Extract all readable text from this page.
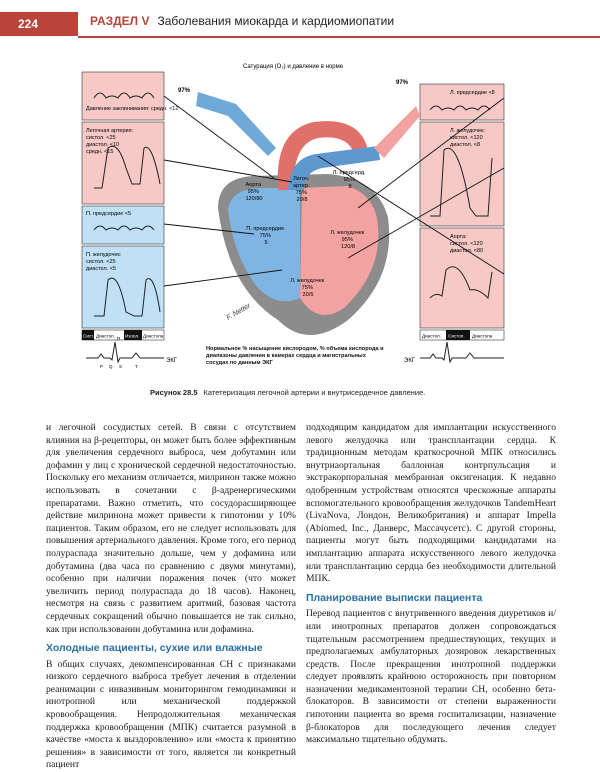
224	РАЗДЕЛ V Заболевания миокарда и кардиомиопатии
Сатурация (O₂) и давление в норме
Давление заклинивания: средн. <12
Легочная артерия: систол. <25 диастол. <10 средн. <15
П. предсердие <5
П. желудочек: систол. <25 диастол. <5
Сист. Диастол. Изоол. Диастола
ЭКГ
P Q R S	T
Л. предсердие <8
Л. желудочек: систол. <120 диастол. <8
Аорта: систол. <120 диастол. <80
Диастол. Систол. Диастола
ЭКГ
97%
97%
Аорта 95% 120/80
Легоч. артер. 75% 20/8
Л. предсерд. 95% 8
П. предсердие 75% 5
Л. желудочек 95% 120/8
Л. желудочек 75% 20/5
F. Netter
Нормальное % насыщение кислородом, % объема кислорода и диапазоны давления в камерах сердца и магистральных сосудах по данным ЭКГ
Рисунок 28.5 Катетеризация легочной артерии и внутрисердечное давление.

и легочной сосудистых сетей. В связи с отсутствием влияния на β-рецепторы, он может быть более эффективным для увеличения сердечного выброса, чем добутамин или дофамин у лиц с хронической сердечной недостаточностью. Поскольку его механизм отличается, милринон также можно использовать в сочетании с β-адренергическими препаратами. Важно отметить, что сосудорасширяющее действие милринона может привести к гипотонии у 10% пациентов. Таким образом, его не следует использовать для повышения артериального давления. Кроме того, его период полураспада значительно дольше, чем у дофамина или добутамина (два часа по сравнению с двумя минутами), особенно при наличии поражения почек (что может увеличить период полураспада до 18 часов). Наконец, несмотря на связь с развитием аритмий, базовая частота сердечных сокращений обычно повышается не так сильно, как при использовании добутамина или дофамина.

Холодные пациенты, сухие или влажные

В общих случаях, декомпенсированная СН с признаками низкого сердечного выброса требует лечения в отделении реанимации с инвазивным мониторингом гемодинамики и инотропной или механической поддержкой кровообращения. Непродолжительная механическая поддержка кровообращения (МПК) считается разумной в качестве «моста к выздоровлению» или «моста к принятию решения» в зависимости от того, является ли конкретный пациент

подходящим кандидатом для имплантации искусственного левого желудочка или трансплантации сердца. К традиционным методам краткосрочной МПК относились внутриаортальная баллонная контрпульсация и экстракорпоральная мембранная оксигенация. К недавно одобренным устройствам относятся чрескожные аппараты вспомогательного кровообращения желудочков TandemHeart (LivaNova, Лондон, Великобритания) и аппарат Impella (Abiomed, Inc., Данверс, Массачусетс). С другой стороны, пациенты могут быть подходящими кандидатами на имплантацию аппарата искусственного левого желудочка или трансплантацию сердца без необходимости длительной МПК.

Планирование выписки пациента

Перевод пациентов с внутривенного введения диуретиков и/или инотропных препаратов должен сопровождаться тщательным рассмотрением предшествующих, текущих и предполагаемых амбулаторных дозировок лекарственных средств. После прекращения инотропной поддержки следует проявлять крайнюю осторожность при повторном назначении медикаментозной терапии СН, особенно бета-блокаторов. В зависимости от степени выраженности гипотонии пациента во время госпитализации, назначение β-блокаторов для последующего лечения следует максимально тщательно обдумать.
